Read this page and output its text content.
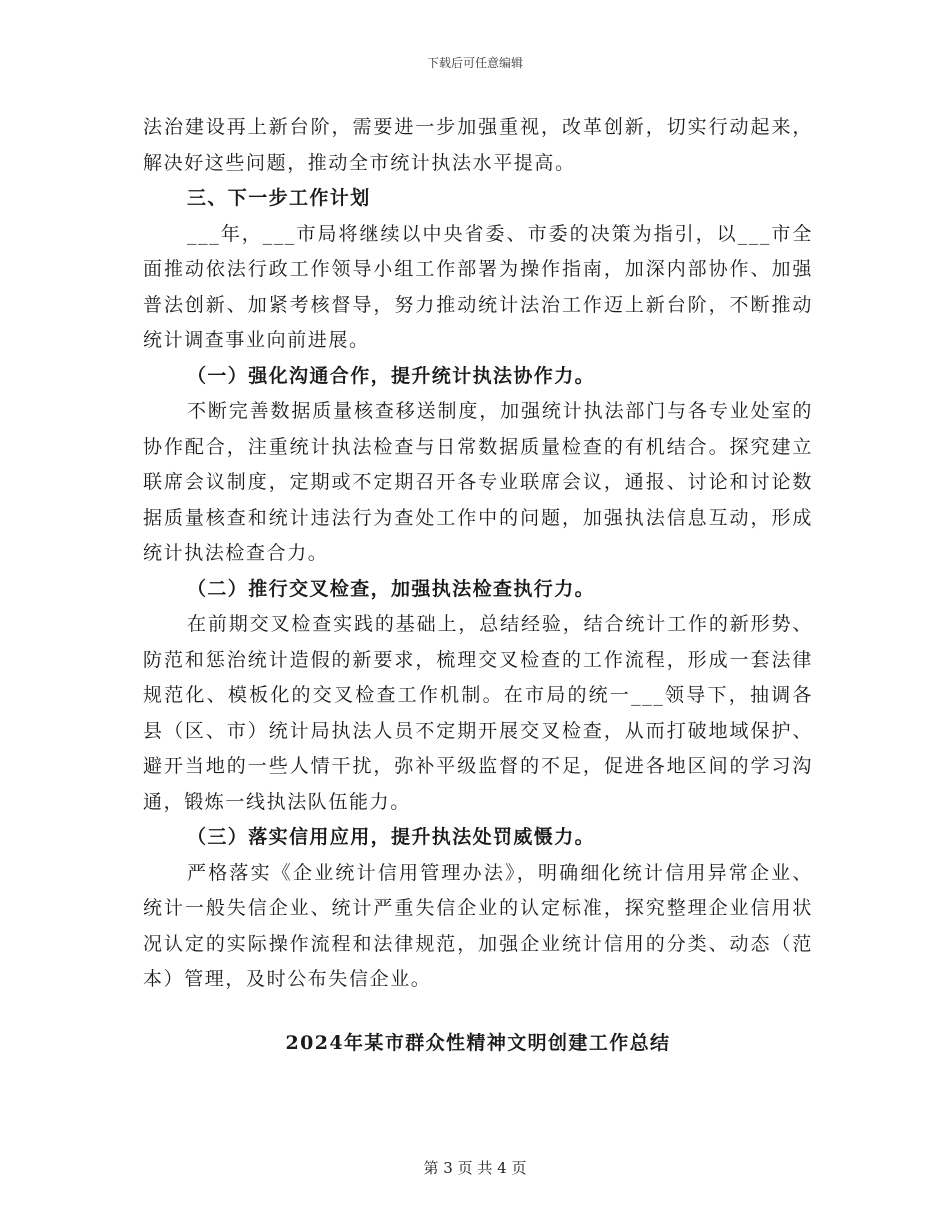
下载后可任意编辑

法治建设再上新台阶，需要进一步加强重视，改革创新，切实行动起来，解决好这些问题，推动全市统计执法水平提高。

三、下一步工作计划

___年，___市局将继续以中央省委、市委的决策为指引，以___市全面推动依法行政工作领导小组工作部署为操作指南，加深内部协作、加强普法创新、加紧考核督导，努力推动统计法治工作迈上新台阶，不断推动统计调查事业向前进展。

（一）强化沟通合作，提升统计执法协作力。

不断完善数据质量核查移送制度，加强统计执法部门与各专业处室的协作配合，注重统计执法检查与日常数据质量检查的有机结合。探究建立联席会议制度，定期或不定期召开各专业联席会议，通报、讨论和讨论数据质量核查和统计违法行为查处工作中的问题，加强执法信息互动，形成统计执法检查合力。

（二）推行交叉检查，加强执法检查执行力。

在前期交叉检查实践的基础上，总结经验，结合统计工作的新形势、防范和惩治统计造假的新要求，梳理交叉检查的工作流程，形成一套法律规范化、模板化的交叉检查工作机制。在市局的统一___领导下，抽调各县（区、市）统计局执法人员不定期开展交叉检查，从而打破地域保护、避开当地的一些人情干扰，弥补平级监督的不足，促进各地区间的学习沟通，锻炼一线执法队伍能力。

（三）落实信用应用，提升执法处罚威慑力。

严格落实《企业统计信用管理办法》，明确细化统计信用异常企业、统计一般失信企业、统计严重失信企业的认定标准，探究整理企业信用状况认定的实际操作流程和法律规范，加强企业统计信用的分类、动态（范本）管理，及时公布失信企业。

2024年某市群众性精神文明创建工作总结

第 3 页 共 4 页
